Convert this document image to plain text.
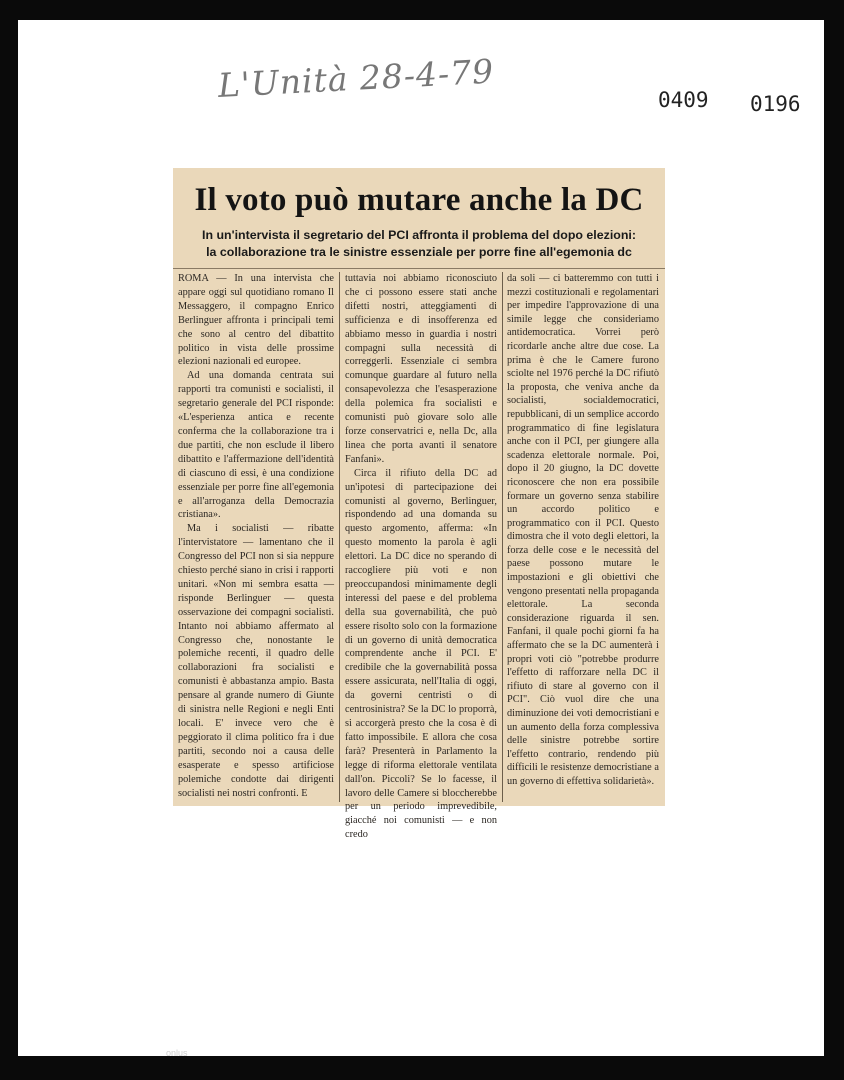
L'Unità 28-4-79	0409 0196
Il voto può mutare anche la DC
In un'intervista il segretario del PCI affronta il problema del dopo elezioni:
la collaborazione tra le sinistre essenziale per porre fine all'egemonia dc

ROMA — In una intervista che appare oggi sul quotidiano romano Il Messaggero, il compagno Enrico Berlinguer affronta i principali temi che sono al centro del dibattito politico in vista delle prossime elezioni nazionali ed europee.

Ad una domanda centrata sui rapporti tra comunisti e socialisti, il segretario generale del PCI risponde: «L'esperienza antica e recente conferma che la collaborazione tra i due partiti, che non esclude il libero dibattito e l'affermazione dell'identità di ciascuno di essi, è una condizione essenziale per porre fine all'egemonia e all'arroganza della Democrazia cristiana».

Ma i socialisti — ribatte l'intervistatore — lamentano che il Congresso del PCI non si sia neppure chiesto perché siano in crisi i rapporti unitari. «Non mi sembra esatta — risponde Berlinguer — questa osservazione dei compagni socialisti. Intanto noi abbiamo affermato al Congresso che, nonostante le polemiche recenti, il quadro delle collaborazioni fra socialisti e comunisti è abbastanza ampio. Basta pensare al grande numero di Giunte di sinistra nelle Regioni e negli Enti locali. E' invece vero che è peggiorato il clima politico fra i due partiti, secondo noi a causa delle esasperate e spesso artificiose polemiche condotte dai dirigenti socialisti nei nostri confronti. E

tuttavia noi abbiamo riconosciuto che ci possono essere stati anche difetti nostri, atteggiamenti di sufficienza e di insofferenza ed abbiamo messo in guardia i nostri compagni sulla necessità di correggerli. Essenziale ci sembra comunque guardare al futuro nella consapevolezza che l'esasperazione della polemica fra socialisti e comunisti può giovare solo alle forze conservatrici e, nella Dc, alla linea che porta avanti il senatore Fanfani».

Circa il rifiuto della DC ad un'ipotesi di partecipazione dei comunisti al governo, Berlinguer, rispondendo ad una domanda su questo argomento, afferma: «In questo momento la parola è agli elettori. La DC dice no sperando di raccogliere più voti e non preoccupandosi minimamente degli interessi del paese e del problema della sua governabilità, che può essere risolto solo con la formazione di un governo di unità democratica comprendente anche il PCI. E' credibile che la governabilità possa essere assicurata, nell'Italia di oggi, da governi centristi o di centrosinistra? Se la DC lo proporrà, si accorgerà presto che la cosa è di fatto impossibile. E allora che cosa farà? Presenterà in Parlamento la legge di riforma elettorale ventilata dall'on. Piccoli? Se lo facesse, il lavoro delle Camere si bloccherebbe per un periodo imprevedibile, giacché noi comunisti — e non credo

da soli — ci batteremmo con tutti i mezzi costituzionali e regolamentari per impedire l'approvazione di una simile legge che consideriamo antidemocratica. Vorrei però ricordarle anche altre due cose. La prima è che le Camere furono sciolte nel 1976 perché la DC rifiutò la proposta, che veniva anche da socialisti, socialdemocratici, repubblicani, di un semplice accordo programmatico di fine legislatura anche con il PCI, per giungere alla scadenza elettorale normale. Poi, dopo il 20 giugno, la DC dovette riconoscere che non era possibile formare un governo senza stabilire un accordo politico e programmatico con il PCI. Questo dimostra che il voto degli elettori, la forza delle cose e le necessità del paese possono mutare le impostazioni e gli obiettivi che vengono presentati nella propaganda elettorale. La seconda considerazione riguarda il sen. Fanfani, il quale pochi giorni fa ha affermato che se la DC aumenterà i propri voti ciò "potrebbe produrre l'effetto di rafforzare nella DC il rifiuto di stare al governo con il PCI". Ciò vuol dire che una diminuzione dei voti democristiani e un aumento della forza complessiva delle sinistre potrebbe sortire l'effetto contrario, rendendo più difficili le resistenze democristiane a un governo di effettiva solidarietà».

onlus
